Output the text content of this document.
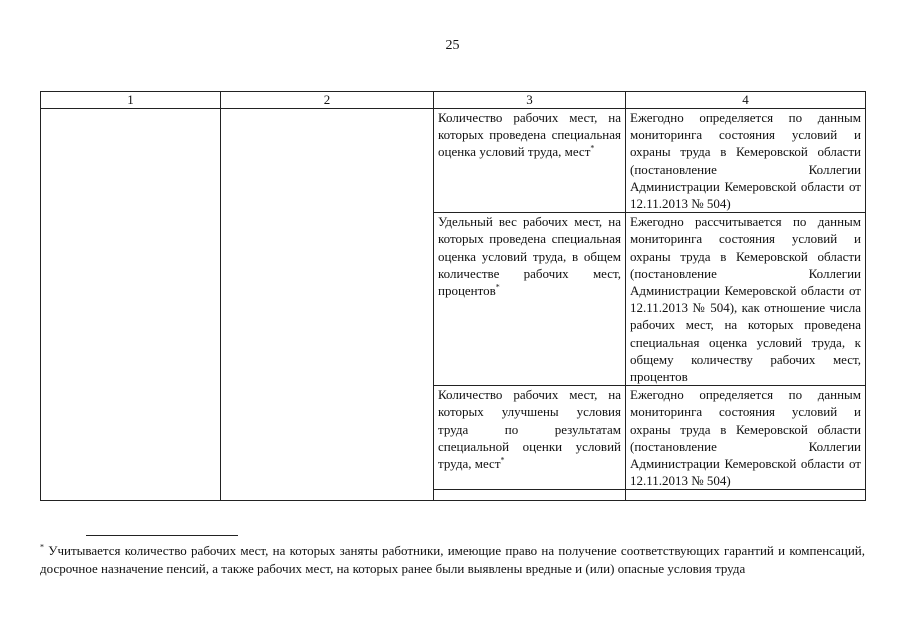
25
1	2	3	4
		Количество рабочих мест, на которых проведена специальная оценка условий труда, мест*	Ежегодно определяется по данным мониторинга состояния условий и охраны труда в Кемеровской области (постановление Коллегии Администрации Кемеровской области от 12.11.2013 № 504)
		Удельный вес рабочих мест, на которых проведена специальная оценка условий труда, в общем количестве рабочих мест, процентов*	Ежегодно рассчитывается по данным мониторинга состояния условий и охраны труда в Кемеровской области (постановление Коллегии Администрации Кемеровской области от 12.11.2013 № 504), как отношение числа рабочих мест, на которых проведена специальная оценка условий труда, к общему количеству рабочих мест, процентов
		Количество рабочих мест, на которых улучшены условия труда по результатам специальной оценки условий труда, мест*	Ежегодно определяется по данным мониторинга состояния условий и охраны труда в Кемеровской области (постановление Коллегии Администрации Кемеровской области от 12.11.2013 № 504)

* Учитывается количество рабочих мест, на которых заняты работники, имеющие право на получение соответствующих гарантий и компенсаций, досрочное назначение пенсий, а также рабочих мест, на которых ранее были выявлены вредные и (или) опасные условия труда
